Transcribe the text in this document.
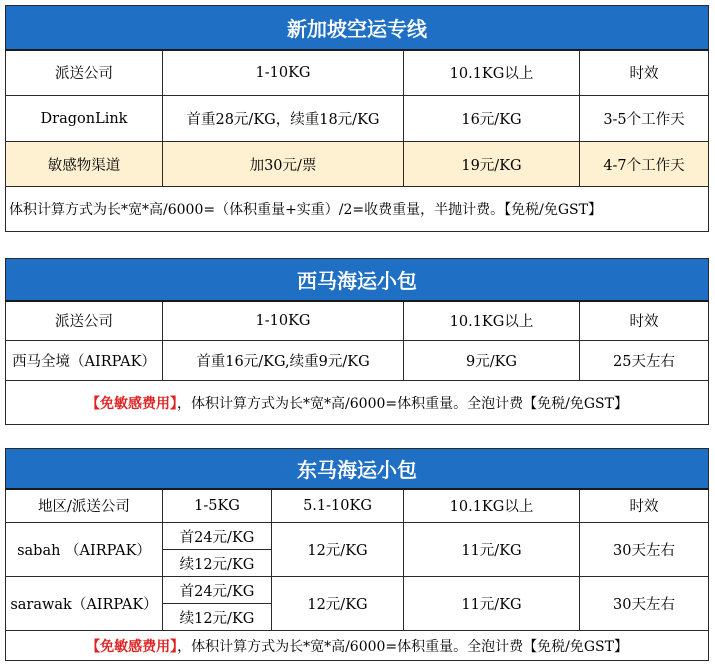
新加坡空运专线			
派送公司	1-10KG	10.1KG以上	时效
DragonLink	首重28元/KG，续重18元/KG	16元/KG	3-5个工作天
敏感物渠道	加30元/票	19元/KG	4-7个工作天
体积计算方式为长*宽*高/6000=（体积重量+实重）/2=收费重量，半抛计费。【免税/免GST】			
西马海运小包			
派送公司	1-10KG	10.1KG以上	时效
西马全境（AIRPAK）	首重16元/KG,续重9元/KG	9元/KG	25天左右
【免敏感费用】，体积计算方式为长*宽*高/6000=体积重量。全泡计费【免税/免GST】			
东马海运小包				
地区/派送公司	1-5KG	5.1-10KG	10.1KG以上	时效
sabah （AIRPAK）	首24元/KG	12元/KG	11元/KG	30天左右
	续12元/KG			
sarawak（AIRPAK）	首24元/KG	12元/KG	11元/KG	30天左右
	续12元/KG			
【免敏感费用】，体积计算方式为长*宽*高/6000=体积重量。全泡计费【免税/免GST】				
